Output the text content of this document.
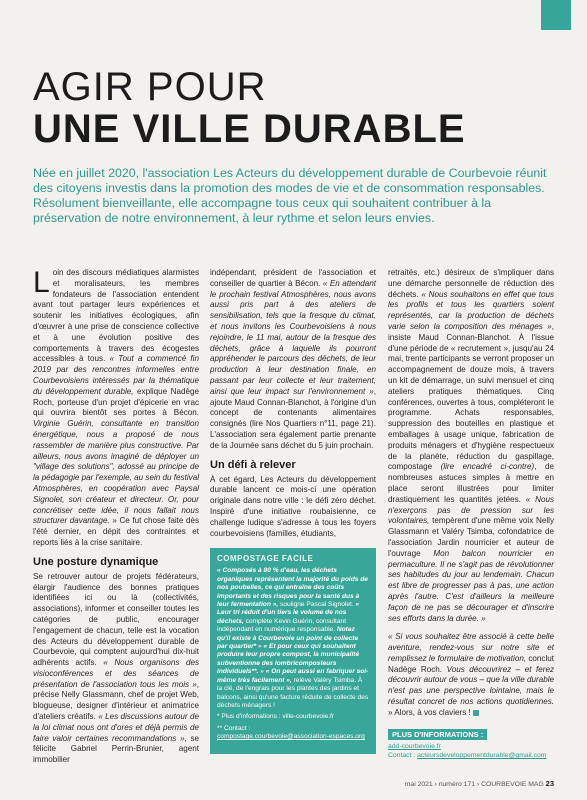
AGIR POUR
UNE VILLE DURABLE

Née en juillet 2020, l'association Les Acteurs du développement durable de Courbevoie réunit des citoyens investis dans la promotion des modes de vie et de consommation responsables. Résolument bienveillante, elle accompagne tous ceux qui souhaitent contribuer à la préservation de notre environnement, à leur rythme et selon leurs envies.

Loin des discours médiatiques alarmistes et moralisateurs, les membres fondateurs de l'association entendent avant tout partager leurs expériences et soutenir les initiatives écologiques, afin d'œuvrer à une prise de conscience collective et à une évolution positive des comportements à travers des écogestes accessibles à tous. « Tout a commencé fin 2019 par des rencontres informelles entre Courbevoisiens intéressés par la thématique du développement durable, explique Nadège Roch, porteuse d'un projet d'épicerie en vrac qui ouvrira bientôt ses portes à Bécon. Virginie Guérin, consultante en transition énergétique, nous a proposé de nous rassembler de manière plus constructive. Par ailleurs, nous avons imaginé de déployer un "village des solutions", adossé au principe de la pédagogie par l'exemple, au sein du festival Atmosphères, en coopération avec Paysal Signolet, son créateur et directeur. Or, pour concrétiser cette idée, il nous fallait nous structurer davantage. » Ce fut chose faite dès l'été dernier, en dépit des contraintes et reports liés à la crise sanitaire.

Une posture dynamique

Se retrouver autour de projets fédérateurs, élargir l'audience des bonnes pratiques identifiées ici ou là (collectivités, associations), informer et conseiller toutes les catégories de public, encourager l'engagement de chacun, telle est la vocation des Acteurs du développement durable de Courbevoie, qui comptent aujourd'hui dix-huit adhérents actifs. « Nous organisons des visioconférences et des séances de présentation de l'association tous les mois », précise Nelly Glassmann, chef de projet Web, blogueuse, designer d'intérieur et animatrice d'ateliers créatifs. « Les discussions autour de la loi climat nous ont d'ores et déjà permis de faire valoir certaines recommandations », se félicite Gabriel Perrin-Brunier, agent immobilier

indépendant, président de l'association et conseiller de quartier à Bécon. « En attendant le prochain festival Atmosphères, nous avons aussi pris part à des ateliers de sensibilisation, tels que la fresque du climat, et nous invitons les Courbevoisiens à nous rejoindre, le 11 mai, autour de la fresque des déchets, grâce à laquelle ils pourront appréhender le parcours des déchets, de leur production à leur destination finale, en passant par leur collecte et leur traitement, ainsi que leur impact sur l'environnement », ajoute Maud Connan-Blanchot, à l'origine d'un concept de contenants alimentaires consignés (lire Nos Quartiers n°11, page 21). L'association sera également partie prenante de la Journée sans déchet du 5 juin prochain.

Un défi à relever

À cet égard, Les Acteurs du développement durable lancent ce mois-ci une opération originale dans notre ville : le défi zéro déchet. Inspiré d'une initiative roubaisienne, ce challenge ludique s'adresse à tous les foyers courbevoisiens (familles, étudiants,

COMPOSTAGE FACILE

« Composés à 80 % d'eau, les déchets organiques représentent la majorité du poids de nos poubelles, ce qui entraîne des coûts importants et des risques pour la santé dus à leur fermentation », souligne Pascal Signolet. « Leur tri réduit d'un tiers le volume de nos déchets, complète Kevin Guérin, consultant indépendant en numérique responsable. Notez qu'il existe à Courbevoie un point de collecte par quartier* » « Et pour ceux qui souhaitent produire leur propre compost, la municipalité subventionne des lombricomposteurs individuels**. » « On peut aussi en fabriquer soi-même très facilement », relève Valéry Tsimba. À la clé, de l'engrais pour les plantes des jardins et balcons, ainsi qu'une facture réduite de collecte des déchets ménagers !

* Plus d'informations : ville-courbevoie.fr

** Contact :
compostage.courbevoie@association-espaces.org

retraités, etc.) désireux de s'impliquer dans une démarche personnelle de réduction des déchets. « Nous souhaitons en effet que tous les profils et tous les quartiers soient représentés, car la production de déchets varie selon la composition des ménages », insiste Maud Connan-Blanchot. À l'issue d'une période de « recrutement », jusqu'au 24 mai, trente participants se verront proposer un accompagnement de douze mois, à travers un kit de démarrage, un suivi mensuel et cinq ateliers pratiques thématiques. Cinq conférences, ouvertes à tous, compléteront le programme. Achats responsables, suppression des bouteilles en plastique et emballages à usage unique, fabrication de produits ménagers et d'hygiène respectueux de la planète, réduction du gaspillage, compostage (lire encadré ci-contre), de nombreuses astuces simples à mettre en place seront illustrées pour limiter drastiquement les quantités jetées. « Nous n'exerçons pas de pression sur les volontaires, tempèrent d'une même voix Nelly Glassmann et Valéry Tsimba, cofondatrice de l'association Jardin nourricier et auteur de l'ouvrage Mon balcon nourricier en permaculture. Il ne s'agit pas de révolutionner ses habitudes du jour au lendemain. Chacun est libre de progresser pas à pas, une action après l'autre. C'est d'ailleurs la meilleure façon de ne pas se décourager et d'inscrire ses efforts dans la durée. »

« Si vous souhaitez être associé à cette belle aventure, rendez-vous sur notre site et remplissez le formulaire de motivation, conclut Nadège Roch. Vous découvrirez – et ferez découvrir autour de vous – que la ville durable n'est pas une perspective lointaine, mais le résultat concret de nos actions quotidiennes. » Alors, à vos claviers !

PLUS D'INFORMATIONS :
add-courbevoie.fr
Contact : acteursdeveloppementdurable@gmail.com
mai 2021 › numéro 171 › COURBEVOIE MAG 23
